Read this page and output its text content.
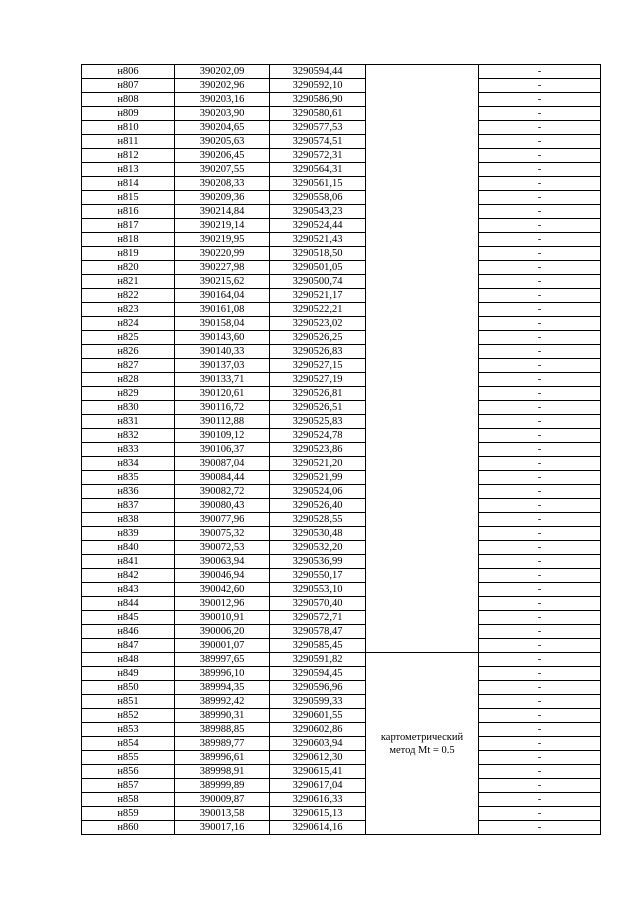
н806	390202,09	3290594,44		-
н807	390202,96	3290592,10		-
н808	390203,16	3290586,90		-
н809	390203,90	3290580,61		-
н810	390204,65	3290577,53		-
н811	390205,63	3290574,51		-
н812	390206,45	3290572,31		-
н813	390207,55	3290564,31		-
н814	390208,33	3290561,15		-
н815	390209,36	3290558,06		-
н816	390214,84	3290543,23		-
н817	390219,14	3290524,44		-
н818	390219,95	3290521,43		-
н819	390220,99	3290518,50		-
н820	390227,98	3290501,05		-
н821	390215,62	3290500,74		-
н822	390164,04	3290521,17		-
н823	390161,08	3290522,21		-
н824	390158,04	3290523,02		-
н825	390143,60	3290526,25		-
н826	390140,33	3290526,83		-
н827	390137,03	3290527,15		-
н828	390133,71	3290527,19		-
н829	390120,61	3290526,81		-
н830	390116,72	3290526,51		-
н831	390112,88	3290525,83		-
н832	390109,12	3290524,78		-
н833	390106,37	3290523,86		-
н834	390087,04	3290521,20		-
н835	390084,44	3290521,99		-
н836	390082,72	3290524,06		-
н837	390080,43	3290526,40		-
н838	390077,96	3290528,55		-
н839	390075,32	3290530,48		-
н840	390072,53	3290532,20		-
н841	390063,94	3290536,99		-
н842	390046,94	3290550,17		-
н843	390042,60	3290553,10		-
н844	390012,96	3290570,40		-
н845	390010,91	3290572,71		-
н846	390006,20	3290578,47		-
н847	390001,07	3290585,45		-
н848	389997,65	3290591,82	картометрический
метод Mt = 0.5	-
н849	389996,10	3290594,45		-
н850	389994,35	3290596,96		-
н851	389992,42	3290599,33		-
н852	389990,31	3290601,55		-
н853	389988,85	3290602,86		-
н854	389989,77	3290603,94		-
н855	389996,61	3290612,30		-
н856	389998,91	3290615,41		-
н857	389999,89	3290617,04		-
н858	390009,87	3290616,33		-
н859	390013,58	3290615,13		-
н860	390017,16	3290614,16		-
